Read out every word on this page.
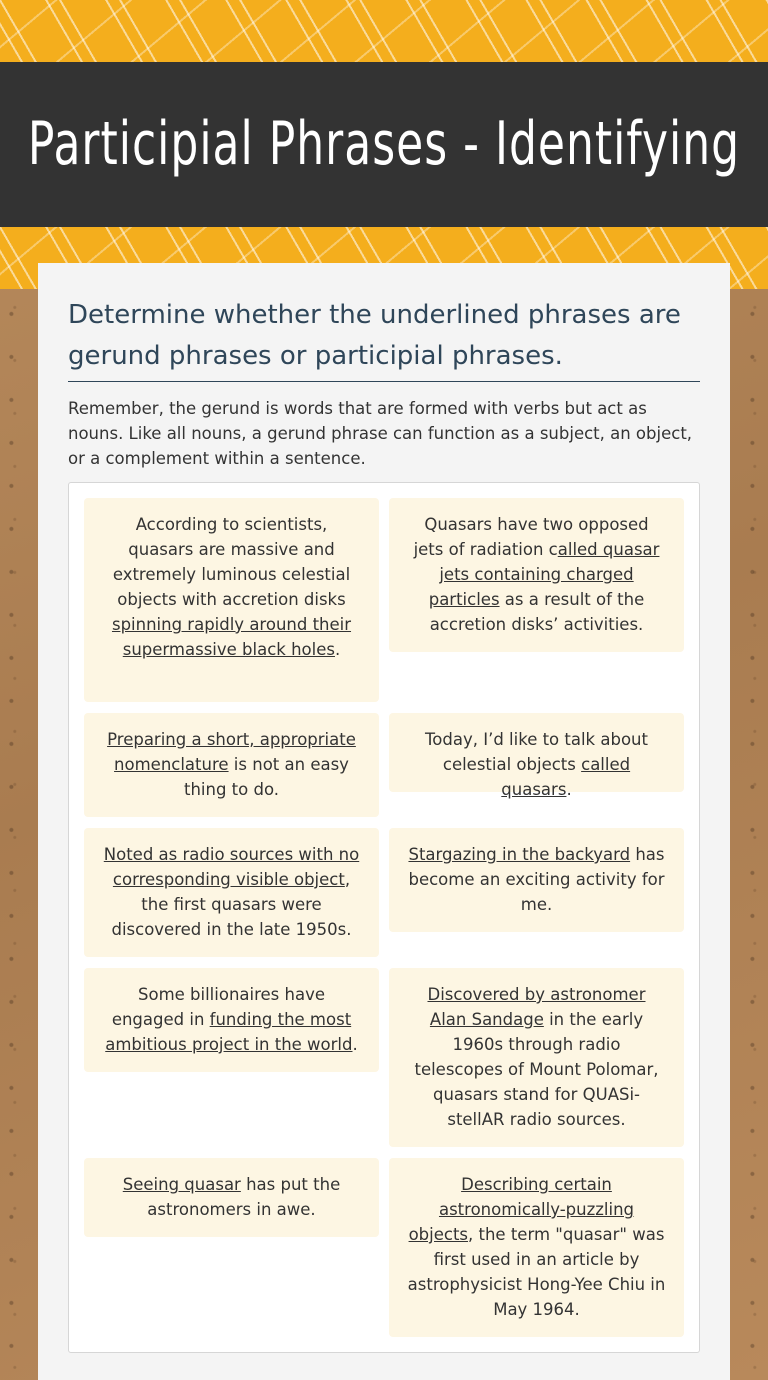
Participial Phrases - Identifying
Determine whether the underlined phrases are gerund phrases or participial phrases.
Remember, the gerund is words that are formed with verbs but act as nouns. Like all nouns, a gerund phrase can function as a subject, an object, or a complement within a sentence.
According to scientists, quasars are massive and extremely luminous celestial objects with accretion disks spinning rapidly around their supermassive black holes.
Quasars have two opposed jets of radiation called quasar jets containing charged particles as a result of the accretion disks’ activities.
Preparing a short, appropriate nomenclature is not an easy thing to do.
Today, I’d like to talk about celestial objects called quasars.
Noted as radio sources with no corresponding visible object, the first quasars were discovered in the late 1950s.
Stargazing in the backyard has become an exciting activity for me.
Some billionaires have engaged in funding the most ambitious project in the world.
Discovered by astronomer Alan Sandage in the early 1960s through radio telescopes of Mount Polomar, quasars stand for QUASi-stellAR radio sources.
Seeing quasar has put the astronomers in awe.
Describing certain astronomically-puzzling objects, the term "quasar" was first used in an article by astrophysicist Hong-Yee Chiu in May 1964.
